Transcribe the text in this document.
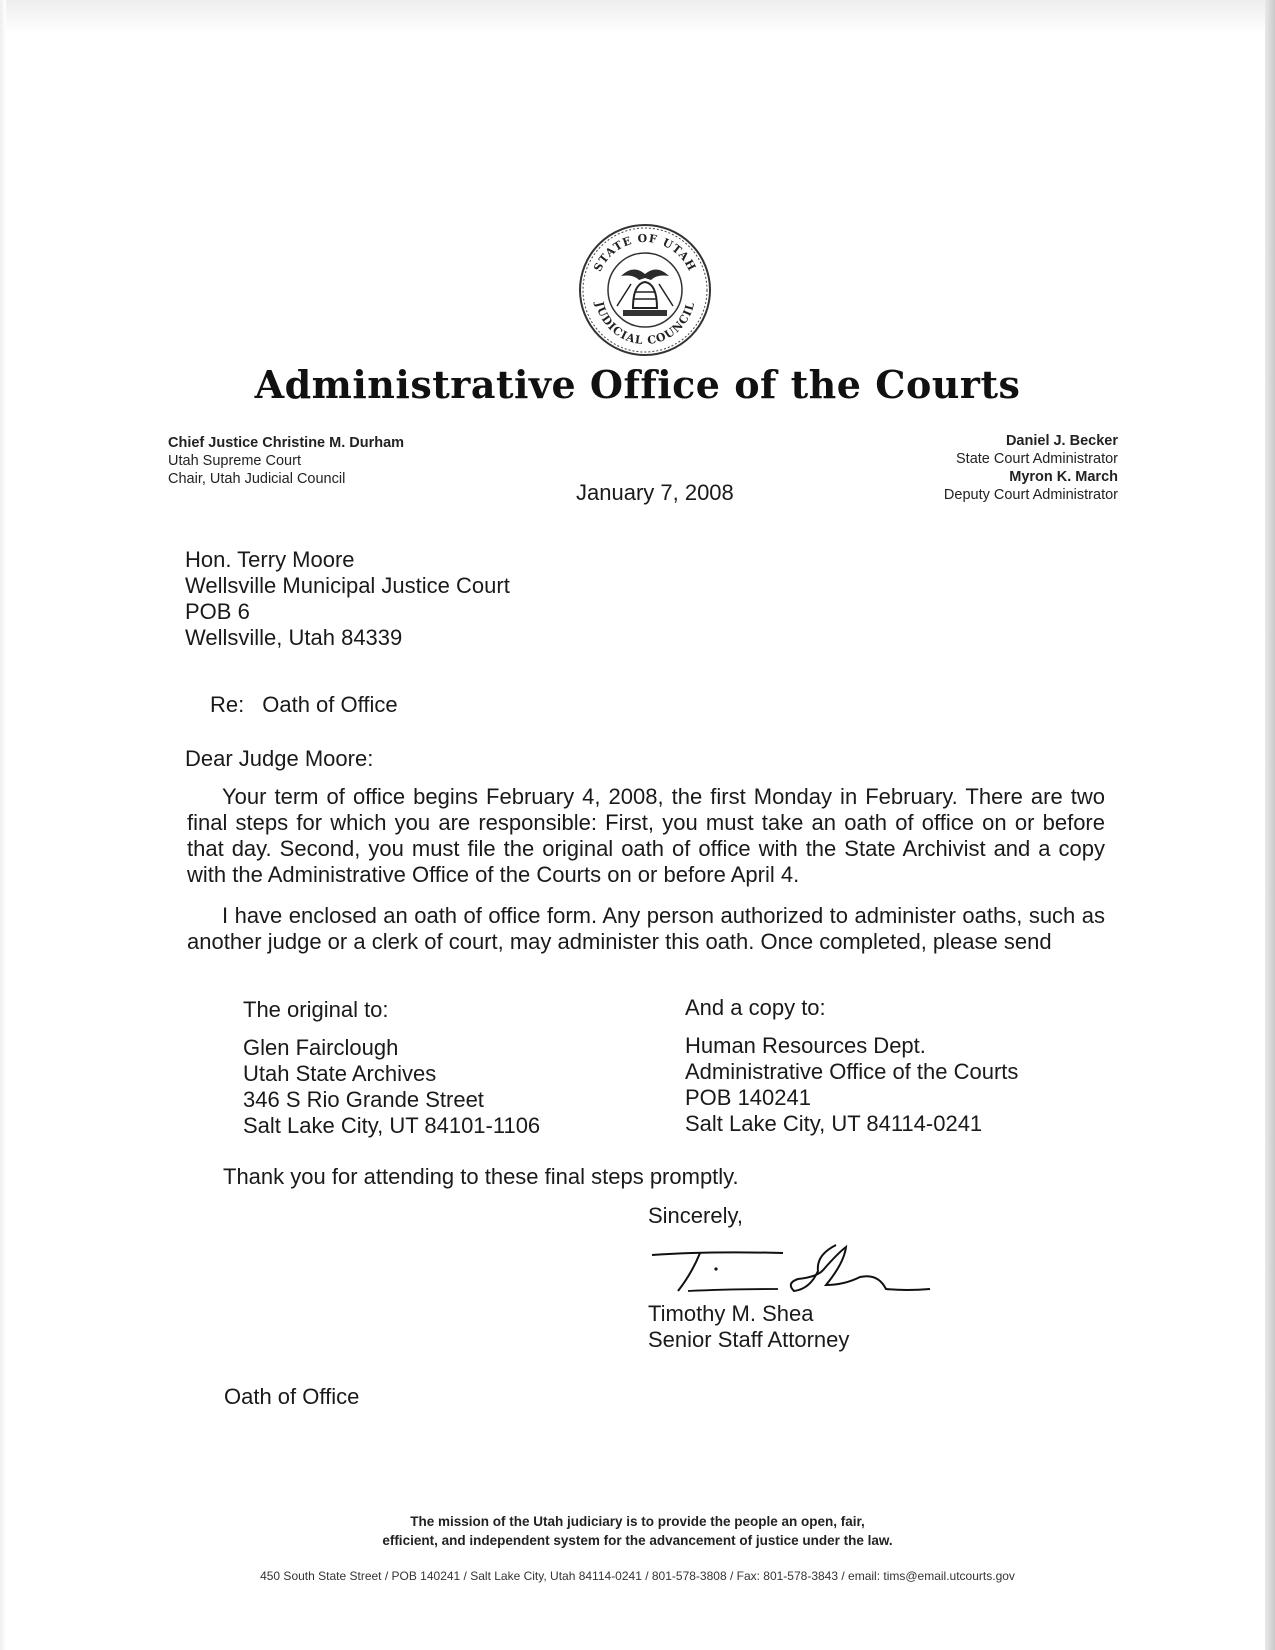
STATE OF UTAH
JUDICIAL COUNCIL
Administrative Office of the Courts
Chief Justice Christine M. Durham
Utah Supreme Court
Chair, Utah Judicial Council
Daniel J. Becker
State Court Administrator
Myron K. March
Deputy Court Administrator
January 7, 2008
Hon. Terry Moore
Wellsville Municipal Justice Court
POB 6
Wellsville, Utah 84339
Re: Oath of Office
Dear Judge Moore:
Your term of office begins February 4, 2008, the first Monday in February. There are two final steps for which you are responsible: First, you must take an oath of office on or before that day. Second, you must file the original oath of office with the State Archivist and a copy with the Administrative Office of the Courts on or before April 4.
I have enclosed an oath of office form. Any person authorized to administer oaths, such as another judge or a clerk of court, may administer this oath. Once completed, please send
The original to:
Glen Fairclough
Utah State Archives
346 S Rio Grande Street
Salt Lake City, UT 84101-1106
And a copy to:
Human Resources Dept.
Administrative Office of the Courts
POB 140241
Salt Lake City, UT 84114-0241
Thank you for attending to these final steps promptly.
Sincerely,
Timothy M. Shea
Senior Staff Attorney
Oath of Office
The mission of the Utah judiciary is to provide the people an open, fair,
efficient, and independent system for the advancement of justice under the law.
450 South State Street / POB 140241 / Salt Lake City, Utah 84114-0241 / 801-578-3808 / Fax: 801-578-3843 / email: tims@email.utcourts.gov
